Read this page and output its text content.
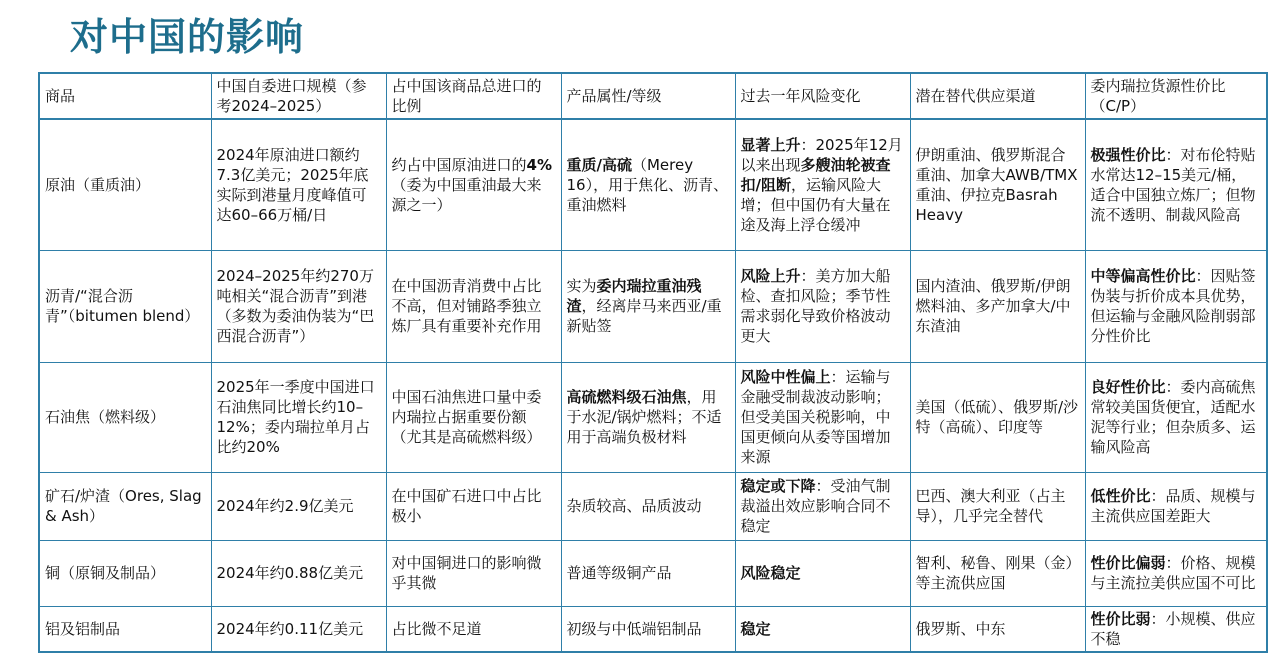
对中国的影响
商品	中国自委进口规模（参考2024–2025）	占中国该商品总进口的比例	产品属性/等级	过去一年风险变化	潜在替代供应渠道	委内瑞拉货源性价比（C/P）
原油（重质油）	2024年原油进口额约7.3亿美元；2025年底实际到港量月度峰值可达60–66万桶/日	约占中国原油进口的4%（委为中国重油最大来源之一）	重质/高硫（Merey 16），用于焦化、沥青、重油燃料	显著上升：2025年12月以来出现多艘油轮被查扣/阻断，运输风险大增；但中国仍有大量在途及海上浮仓缓冲	伊朗重油、俄罗斯混合重油、加拿大AWB/TMX重油、伊拉克Basrah Heavy	极强性价比：对布伦特贴水常达12–15美元/桶，适合中国独立炼厂；但物流不透明、制裁风险高
沥青/“混合沥青”（bitumen blend）	2024–2025年约270万吨相关“混合沥青”到港（多数为委油伪装为“巴西混合沥青”）	在中国沥青消费中占比不高，但对铺路季独立炼厂具有重要补充作用	实为委内瑞拉重油残渣，经离岸马来西亚/重新贴签	风险上升：美方加大船检、查扣风险；季节性需求弱化导致价格波动更大	国内渣油、俄罗斯/伊朗燃料油、多产加拿大/中东渣油	中等偏高性价比：因贴签伪装与折价成本具优势，但运输与金融风险削弱部分性价比
石油焦（燃料级）	2025年一季度中国进口石油焦同比增长约10–12%；委内瑞拉单月占比约20%	中国石油焦进口量中委内瑞拉占据重要份额（尤其是高硫燃料级）	高硫燃料级石油焦，用于水泥/锅炉燃料；不适用于高端负极材料	风险中性偏上：运输与金融受制裁波动影响；但受美国关税影响，中国更倾向从委等国增加来源	美国（低硫）、俄罗斯/沙特（高硫）、印度等	良好性价比：委内高硫焦常较美国货便宜，适配水泥等行业；但杂质多、运输风险高
矿石/炉渣（Ores, Slag & Ash）	2024年约2.9亿美元	在中国矿石进口中占比极小	杂质较高、品质波动	稳定或下降：受油气制裁溢出效应影响合同不稳定	巴西、澳大利亚（占主导），几乎完全替代	低性价比：品质、规模与主流供应国差距大
铜（原铜及制品）	2024年约0.88亿美元	对中国铜进口的影响微乎其微	普通等级铜产品	风险稳定	智利、秘鲁、刚果（金）等主流供应国	性价比偏弱：价格、规模与主流拉美供应国不可比
铝及铝制品	2024年约0.11亿美元	占比微不足道	初级与中低端铝制品	稳定	俄罗斯、中东	性价比弱：小规模、供应不稳
